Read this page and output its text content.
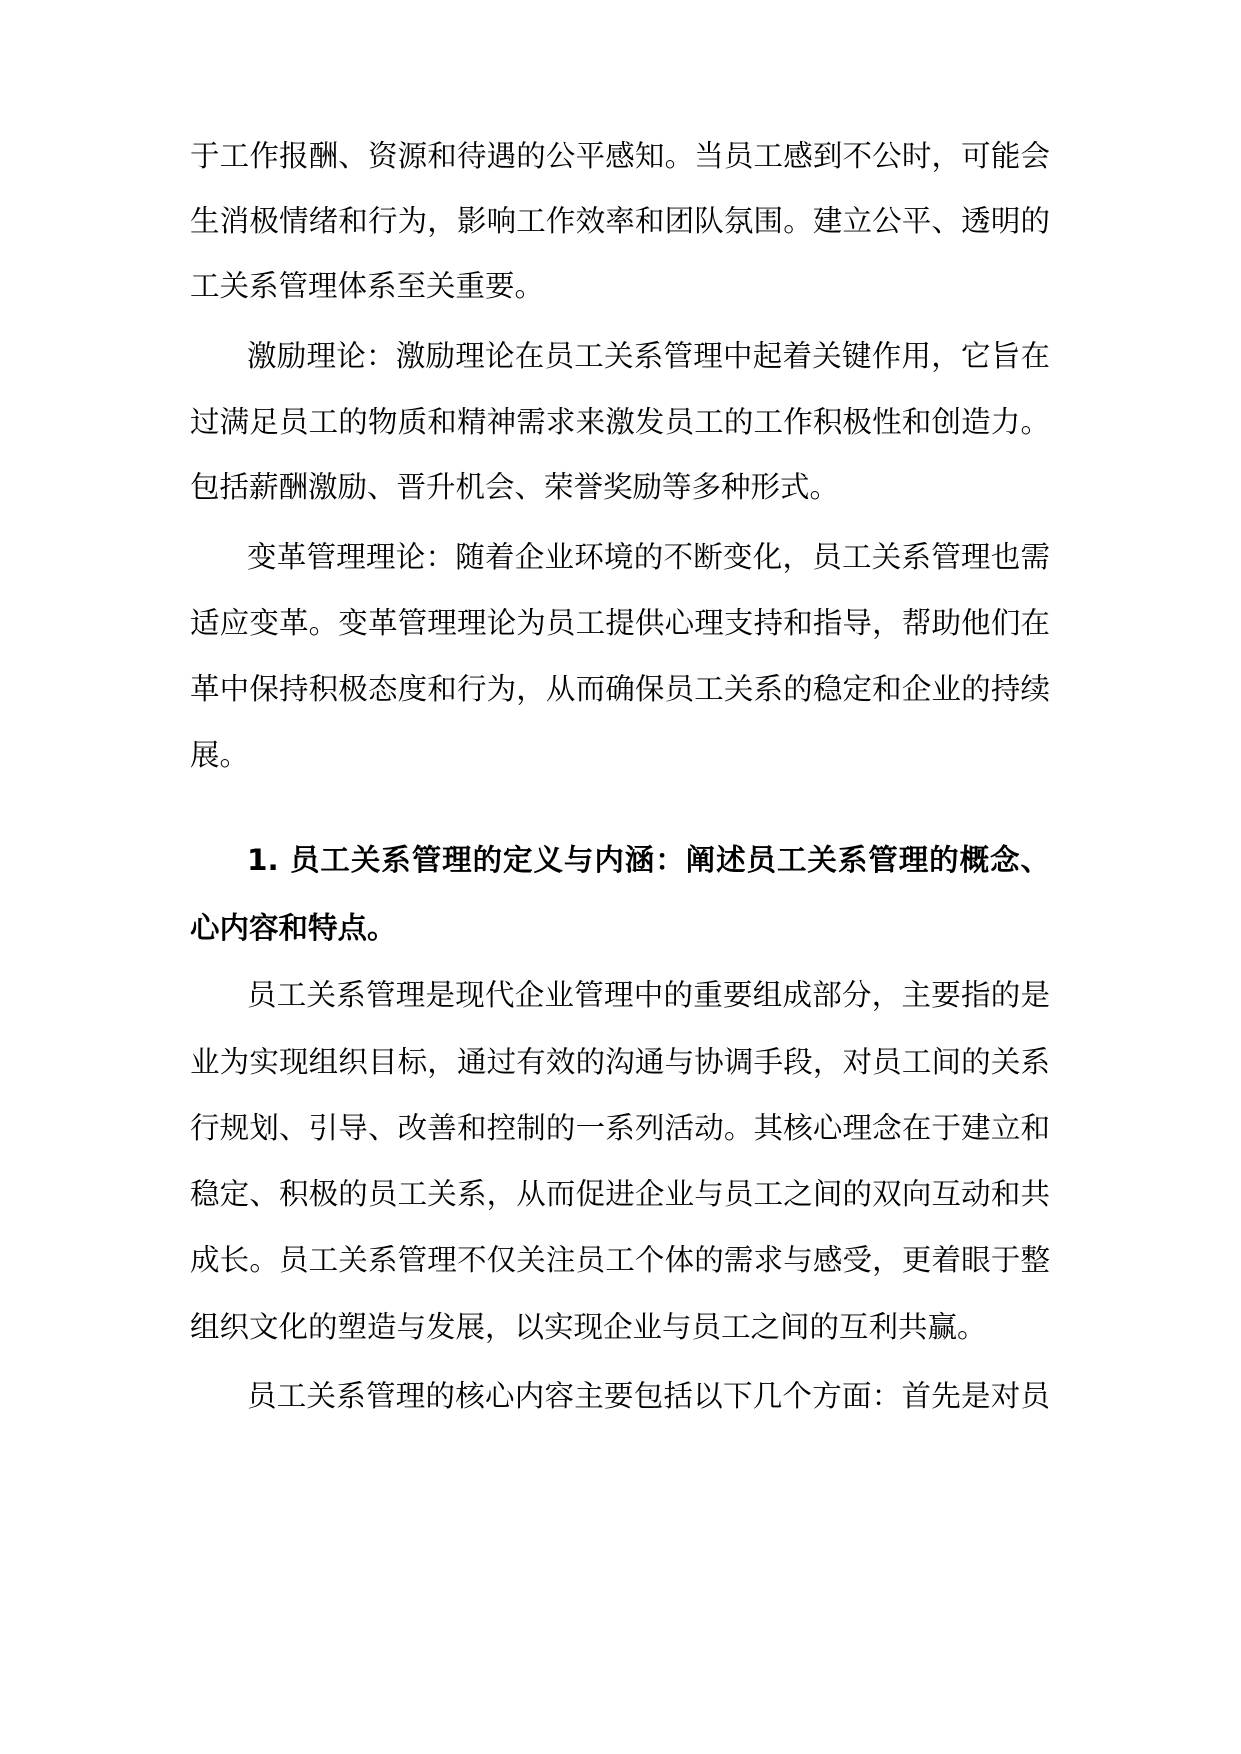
于工作报酬、资源和待遇的公平感知。当员工感到不公时，可能会
生消极情绪和行为，影响工作效率和团队氛围。建立公平、透明的
工关系管理体系至关重要。
激励理论：激励理论在员工关系管理中起着关键作用，它旨在
过满足员工的物质和精神需求来激发员工的工作积极性和创造力。
包括薪酬激励、晋升机会、荣誉奖励等多种形式。
变革管理理论：随着企业环境的不断变化，员工关系管理也需
适应变革。变革管理理论为员工提供心理支持和指导，帮助他们在
革中保持积极态度和行为，从而确保员工关系的稳定和企业的持续
展。
1. 员工关系管理的定义与内涵：阐述员工关系管理的概念、
心内容和特点。
员工关系管理是现代企业管理中的重要组成部分，主要指的是
业为实现组织目标，通过有效的沟通与协调手段，对员工间的关系
行规划、引导、改善和控制的一系列活动。其核心理念在于建立和
稳定、积极的员工关系，从而促进企业与员工之间的双向互动和共
成长。员工关系管理不仅关注员工个体的需求与感受，更着眼于整
组织文化的塑造与发展，以实现企业与员工之间的互利共赢。
员工关系管理的核心内容主要包括以下几个方面：首先是对员
